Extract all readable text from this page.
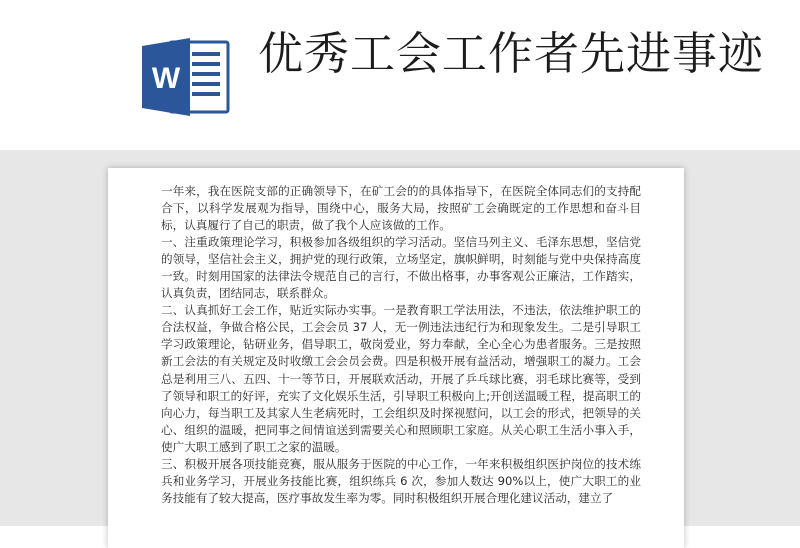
W 优秀工会工作者先进事迹

一年来，我在医院支部的正确领导下，在矿工会的的具体指导下，在医院全体同志们的支持配合下，以科学发展观为指导，围绕中心，服务大局，按照矿工会确既定的工作思想和奋斗目标，认真履行了自己的职责，做了我个人应该做的工作。

一、注重政策理论学习，积极参加各级组织的学习活动。坚信马列主义、毛泽东思想，坚信党的领导，坚信社会主义，拥护党的现行政策，立场坚定，旗帜鲜明，时刻能与党中央保持高度一致。时刻用国家的法律法令规范自己的言行，不做出格事，办事客观公正廉洁，工作踏实，认真负责，团结同志，联系群众。

二、认真抓好工会工作，贴近实际办实事。一是教育职工学法用法，不违法，依法维护职工的合法权益，争做合格公民，工会会员 37 人，无一例违法违纪行为和现象发生。二是引导职工学习政策理论，钻研业务，倡导职工，敬岗爱业，努力奉献，全心全心为患者服务。三是按照新工会法的有关规定及时收缴工会会员会费。四是积极开展有益活动，增强职工的凝力。工会总是利用三八、五四、十一等节日，开展联欢活动，开展了乒乓球比赛，羽毛球比赛等，受到了领导和职工的好评，充实了文化娱乐生活，引导职工积极向上;开创送温暖工程，提高职工的向心力，每当职工及其家人生老病死时，工会组织及时探视慰问，以工会的形式，把领导的关心、组织的温暖，把同事之间情谊送到需要关心和照顾职工家庭。从关心职工生活小事入手，使广大职工感到了职工之家的温暖。

三、积极开展各项技能竞赛，服从服务于医院的中心工作，一年来积极组织医护岗位的技术练兵和业务学习，开展业务技能比赛，组织练兵 6 次，参加人数达 90%以上，使广大职工的业务技能有了较大提高，医疗事故发生率为零。同时积极组织开展合理化建议活动，建立了
